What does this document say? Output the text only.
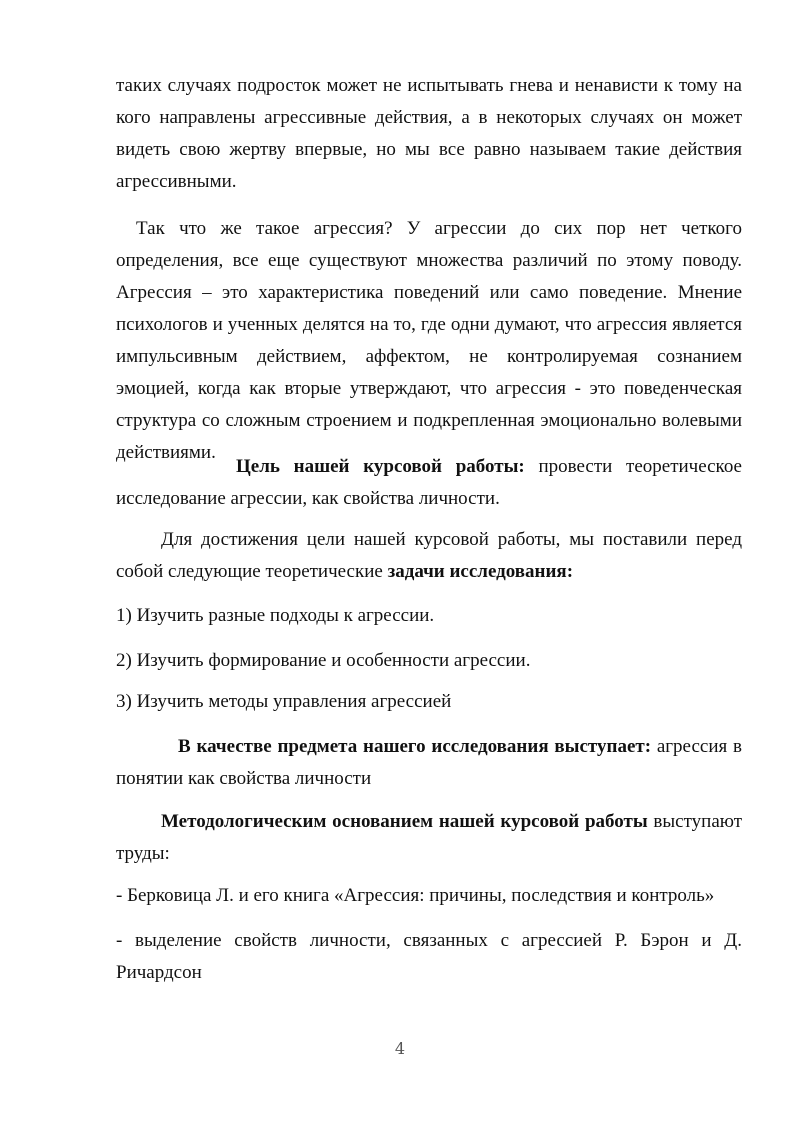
таких случаях подросток может не испытывать гнева и ненависти к тому на кого направлены агрессивные действия, а в некоторых случаях он может видеть свою жертву впервые, но мы все равно называем такие действия агрессивными.

Так что же такое агрессия? У агрессии до сих пор нет четкого определения, все еще существуют множества различий по этому поводу. Агрессия – это характеристика поведений или само поведение. Мнение психологов и ученных делятся на то, где одни думают, что агрессия является импульсивным действием, аффектом, не контролируемая сознанием эмоцией, когда как вторые утверждают, что агрессия - это поведенческая структура со сложным строением и подкрепленная эмоционально волевыми действиями.

Цель нашей курсовой работы: провести теоретическое исследование агрессии, как свойства личности.

Для достижения цели нашей курсовой работы, мы поставили перед собой следующие теоретические задачи исследования:

1) Изучить разные подходы к агрессии.

2) Изучить формирование и особенности агрессии.

3) Изучить методы управления агрессией

В качестве предмета нашего исследования выступает: агрессия в понятии как свойства личности

Методологическим основанием нашей курсовой работы выступают труды:

- Берковица Л. и его книга «Агрессия: причины, последствия и контроль»

- выделение свойств личности, связанных с агрессией Р. Бэрон и Д. Ричардсон

4
